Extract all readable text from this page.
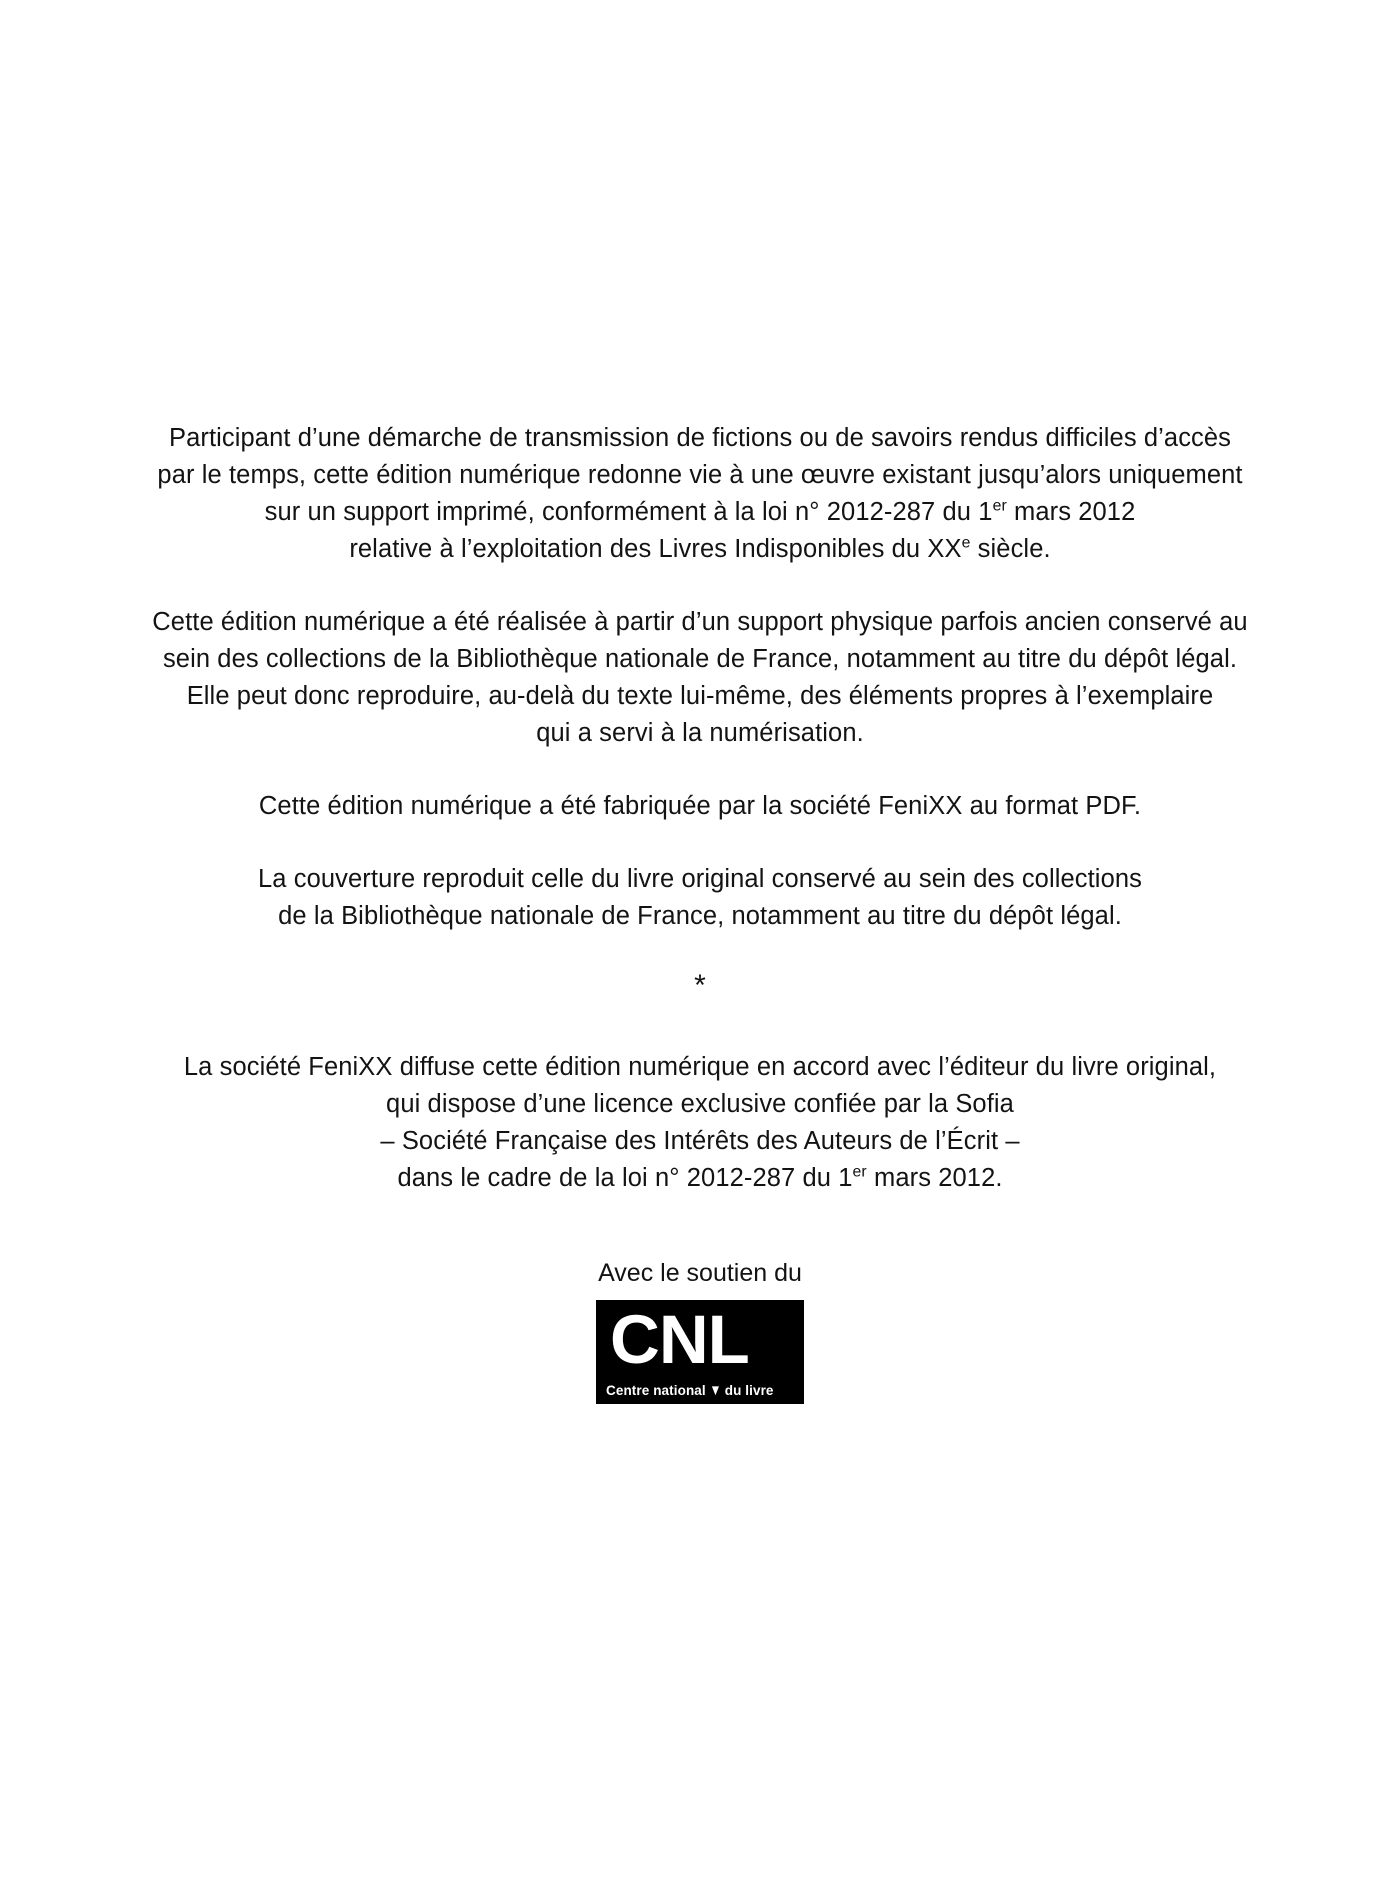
Participant d’une démarche de transmission de fictions ou de savoirs rendus difficiles d’accès
par le temps, cette édition numérique redonne vie à une œuvre existant jusqu’alors uniquement
sur un support imprimé, conformément à la loi n° 2012-287 du 1er mars 2012
relative à l’exploitation des Livres Indisponibles du XXe siècle.

Cette édition numérique a été réalisée à partir d’un support physique parfois ancien conservé au
sein des collections de la Bibliothèque nationale de France, notamment au titre du dépôt légal.
Elle peut donc reproduire, au-delà du texte lui-même, des éléments propres à l’exemplaire
qui a servi à la numérisation.

Cette édition numérique a été fabriquée par la société FeniXX au format PDF.

La couverture reproduit celle du livre original conservé au sein des collections
de la Bibliothèque nationale de France, notamment au titre du dépôt légal.

*

La société FeniXX diffuse cette édition numérique en accord avec l’éditeur du livre original,
qui dispose d’une licence exclusive confiée par la Sofia
– Société Française des Intérêts des Auteurs de l’Écrit –
dans le cadre de la loi n° 2012-287 du 1er mars 2012.

Avec le soutien du
CNL
Centre national ▼ du livre
